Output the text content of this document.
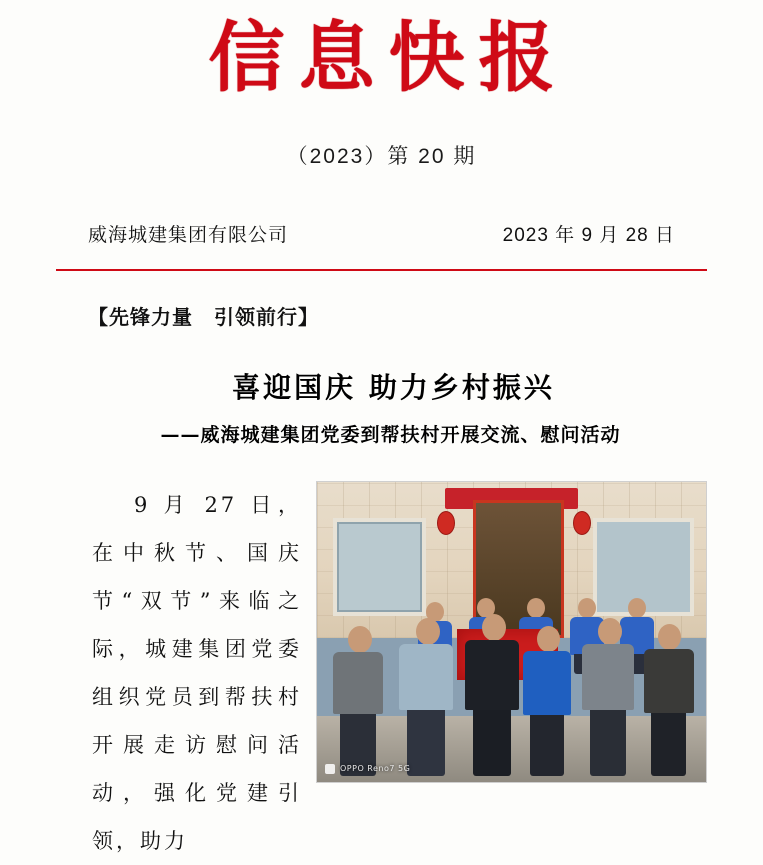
信息快报
（2023）第 20 期
威海城建集团有限公司	2023 年 9 月 28 日
【先锋力量　引领前行】
喜迎国庆 助力乡村振兴
——威海城建集团党委到帮扶村开展交流、慰问活动

9 月 27 日，在中秋节、国庆节“双节”来临之际，城建集团党委组织党员到帮扶村开展走访慰问活动，强化党建引领，助力

OPPO Reno7 5G
